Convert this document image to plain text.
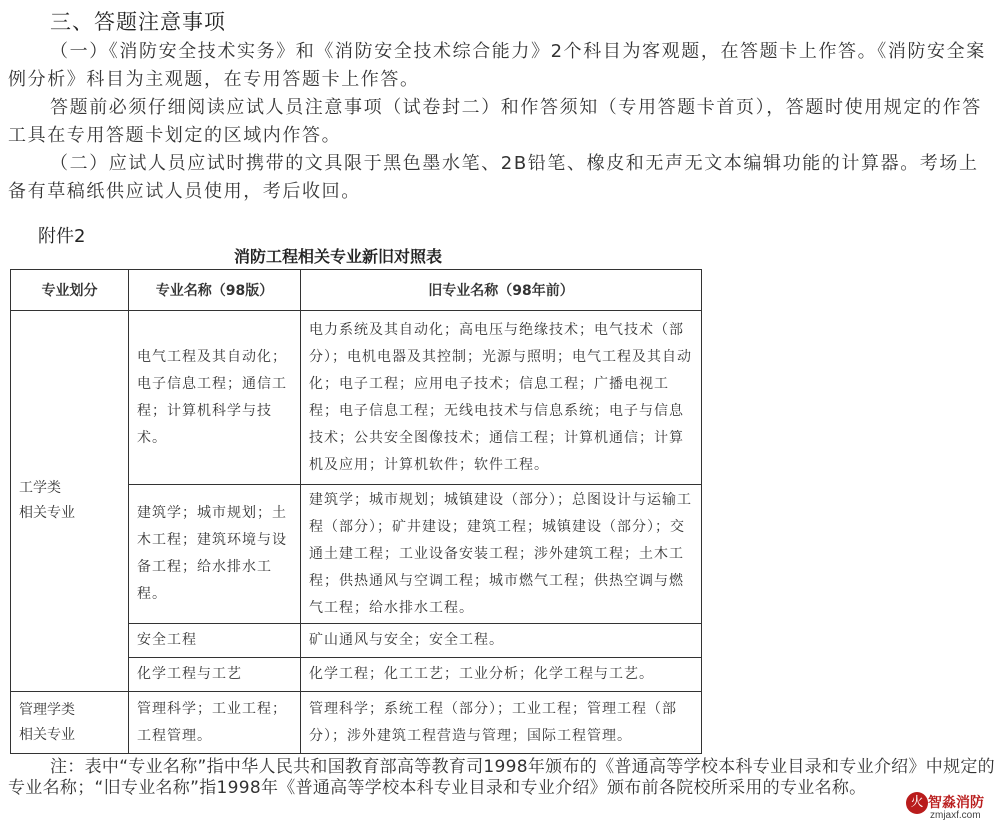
三、答题注意事项
（一）《消防安全技术实务》和《消防安全技术综合能力》2个科目为客观题，在答题卡上作答。《消防安全案例分析》科目为主观题，在专用答题卡上作答。
答题前必须仔细阅读应试人员注意事项（试卷封二）和作答须知（专用答题卡首页），答题时使用规定的作答工具在专用答题卡划定的区域内作答。
（二）应试人员应试时携带的文具限于黑色墨水笔、2B铅笔、橡皮和无声无文本编辑功能的计算器。考场上备有草稿纸供应试人员使用，考后收回。
附件2
消防工程相关专业新旧对照表
专业划分	专业名称（98版）	旧专业名称（98年前）

工学类
相关专业	电气工程及其自动化；电子信息工程；通信工程；计算机科学与技术。	电力系统及其自动化；高电压与绝缘技术；电气技术（部分）；电机电器及其控制；光源与照明；电气工程及其自动化；电子工程；应用电子技术；信息工程；广播电视工程；电子信息工程；无线电技术与信息系统；电子与信息技术；公共安全图像技术；通信工程；计算机通信；计算机及应用；计算机软件；软件工程。

	建筑学；城市规划；土木工程；建筑环境与设备工程；给水排水工程。	建筑学；城市规划；城镇建设（部分）；总图设计与运输工程（部分）；矿井建设；建筑工程；城镇建设（部分）；交通土建工程；工业设备安装工程；涉外建筑工程；土木工程；供热通风与空调工程；城市燃气工程；供热空调与燃气工程；给水排水工程。

	安全工程	矿山通风与安全；安全工程。

	化学工程与工艺	化学工程；化工工艺；工业分析；化学工程与工艺。

管理学类
相关专业	管理科学；工业工程；工程管理。	管理科学；系统工程（部分）；工业工程；管理工程（部分）；涉外建筑工程营造与管理；国际工程管理。
注：表中“专业名称”指中华人民共和国教育部高等教育司1998年颁布的《普通高等学校本科专业目录和专业介绍》中规定的专业名称；“旧专业名称”指1998年《普通高等学校本科专业目录和专业介绍》颁布前各院校所采用的专业名称。
火 智淼消防
zmjaxf.com
